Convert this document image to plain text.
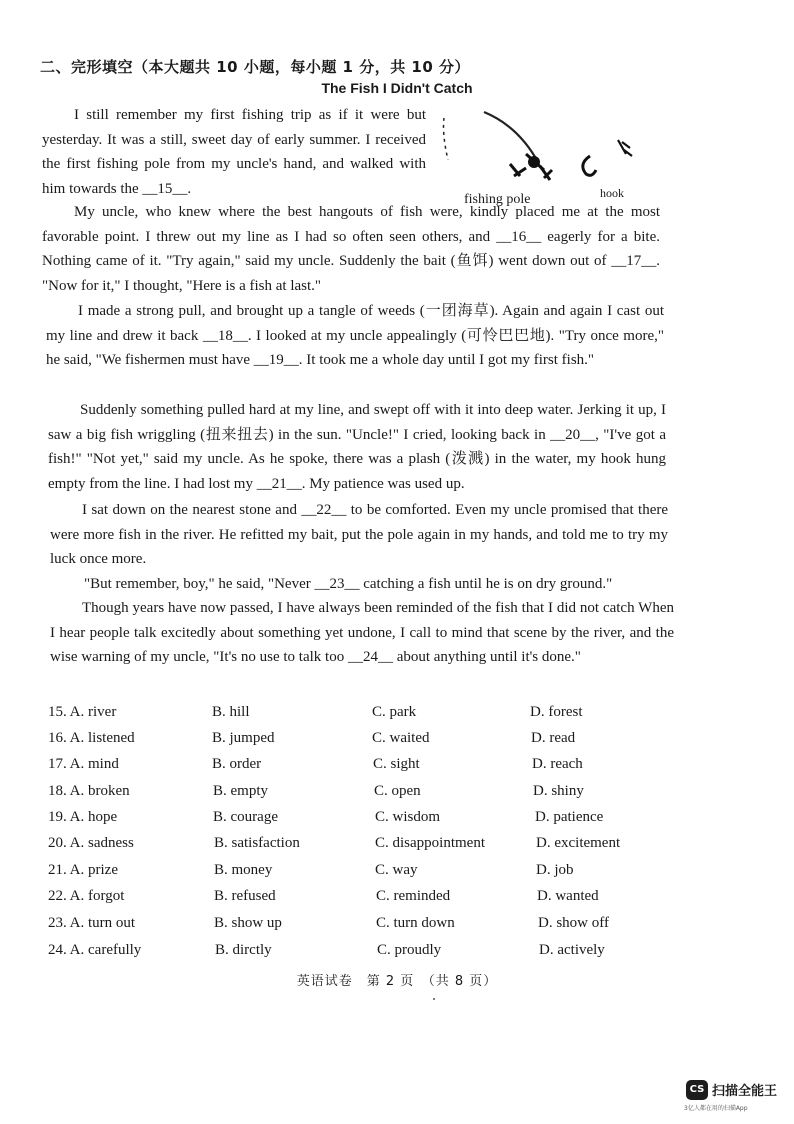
二、完形填空（本大题共 10 小题，每小题 1 分，共 10 分）
The Fish I Didn't Catch

I still remember my first fishing trip as if it were but yesterday. It was a still, sweet day of early summer. I received the first fishing pole from my uncle's hand, and walked with him towards the __15__.

fishing pole	hook

My uncle, who knew where the best hangouts of fish were, kindly placed me at the most favorable point. I threw out my line as I had so often seen others, and __16__ eagerly for a bite. Nothing came of it. "Try again," said my uncle. Suddenly the bait (鱼饵) went down out of __17__. "Now for it," I thought, "Here is a fish at last."

I made a strong pull, and brought up a tangle of weeds (一团海草). Again and again I cast out my line and drew it back __18__. I looked at my uncle appealingly (可怜巴巴地). "Try once more," he said, "We fishermen must have __19__. It took me a whole day until I got my first fish."

Suddenly something pulled hard at my line, and swept off with it into deep water. Jerking it up, I saw a big fish wriggling (扭来扭去) in the sun. "Uncle!" I cried, looking back in __20__, "I've got a fish!" "Not yet," said my uncle. As he spoke, there was a plash (泼溅) in the water, my hook hung empty from the line. I had lost my __21__. My patience was used up.

I sat down on the nearest stone and __22__ to be comforted. Even my uncle promised that there were more fish in the river. He refitted my bait, put the pole again in my hands, and told me to try my luck once more.

"But remember, boy," he said, "Never __23__ catching a fish until he is on dry ground."

Though years have now passed, I have always been reminded of the fish that I did not catch When I hear people talk excitedly about something yet undone, I call to mind that scene by the river, and the wise warning of my uncle, "It's no use to talk too __24__ about anything until it's done."

15. A. river	B. hill	C. park	D. forest
16. A. listened	B. jumped	C. waited	D. read
17. A. mind	B. order	C. sight	D. reach
18. A. broken	B. empty	C. open	D. shiny
19. A. hope	B. courage	C. wisdom	D. patience
20. A. sadness	B. satisfaction	C. disappointment	D. excitement
21. A. prize	B. money	C. way	D. job
22. A. forgot	B. refused	C. reminded	D. wanted
23. A. turn out	B. show up	C. turn down	D. show off
24. A. carefully	B. dirctly	C. proudly	D. actively
英语试卷　第 2 页　（共 8 页）
CS 扫描全能王
3亿人都在用的扫描App
